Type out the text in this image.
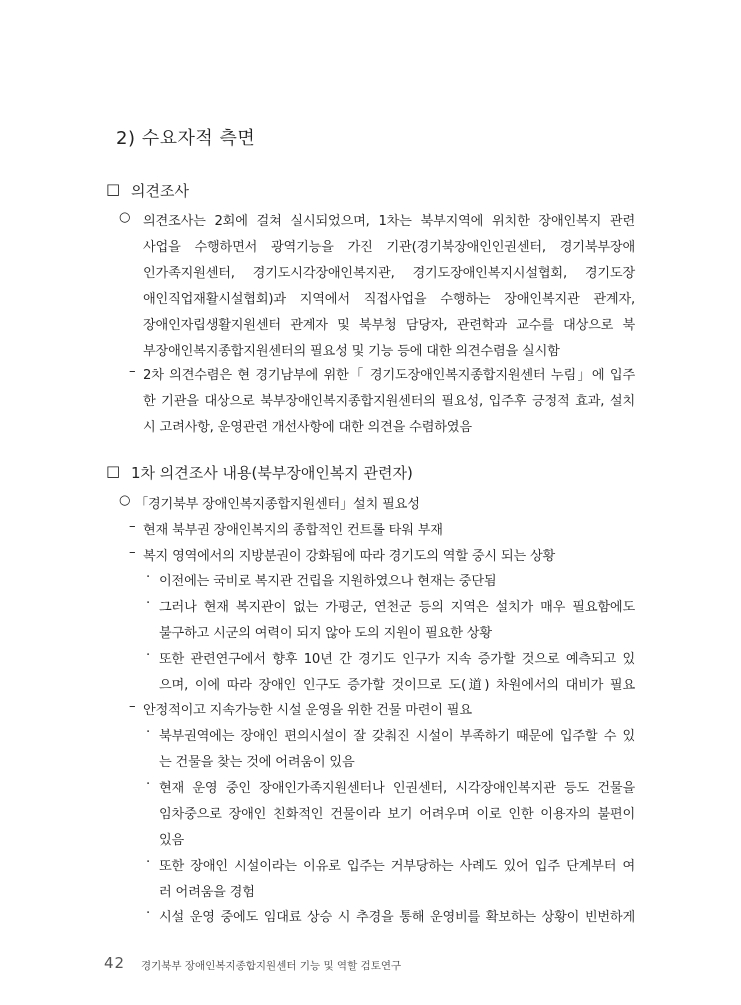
2) 수요자적 측면
□ 의견조사
○ 의견조사는 2회에 걸쳐 실시되었으며, 1차는 북부지역에 위치한 장애인복지 관련
사업을 수행하면서 광역기능을 가진 기관(경기북장애인인권센터, 경기북부장애
인가족지원센터, 경기도시각장애인복지관, 경기도장애인복지시설협회, 경기도장
애인직업재활시설협회)과 지역에서 직접사업을 수행하는 장애인복지관 관계자,
장애인자립생활지원센터 관계자 및 북부청 담당자, 관련학과 교수를 대상으로 북
부장애인복지종합지원센터의 필요성 및 기능 등에 대한 의견수렴을 실시함
– 2차 의견수렴은 현 경기남부에 위한「 경기도장애인복지종합지원센터 누림」에 입주
한 기관을 대상으로 북부장애인복지종합지원센터의 필요성, 입주후 긍정적 효과, 설치
시 고려사항, 운영관련 개선사항에 대한 의견을 수렴하였음
□ 1차 의견조사 내용(북부장애인복지 관련자)
○ 「경기북부 장애인복지종합지원센터」설치 필요성
– 현재 북부권 장애인복지의 종합적인 컨트롤 타워 부재
– 복지 영역에서의 지방분권이 강화됨에 따라 경기도의 역할 중시 되는 상황
· 이전에는 국비로 복지관 건립을 지원하였으나 현재는 중단됨
· 그러나 현재 복지관이 없는 가평군, 연천군 등의 지역은 설치가 매우 필요함에도
불구하고 시군의 여력이 되지 않아 도의 지원이 필요한 상황
· 또한 관련연구에서 향후 10년 간 경기도 인구가 지속 증가할 것으로 예측되고 있
으며, 이에 따라 장애인 인구도 증가할 것이므로 도(道) 차원에서의 대비가 필요
– 안정적이고 지속가능한 시설 운영을 위한 건물 마련이 필요
· 북부권역에는 장애인 편의시설이 잘 갖춰진 시설이 부족하기 때문에 입주할 수 있
는 건물을 찾는 것에 어려움이 있음
· 현재 운영 중인 장애인가족지원센터나 인권센터, 시각장애인복지관 등도 건물을
임차중으로 장애인 친화적인 건물이라 보기 어려우며 이로 인한 이용자의 불편이
있음
· 또한 장애인 시설이라는 이유로 입주는 거부당하는 사례도 있어 입주 단계부터 여
러 어려움을 경험
· 시설 운영 중에도 임대료 상승 시 추경을 통해 운영비를 확보하는 상황이 빈번하게
42 경기북부 장애인복지종합지원센터 기능 및 역할 검토연구
